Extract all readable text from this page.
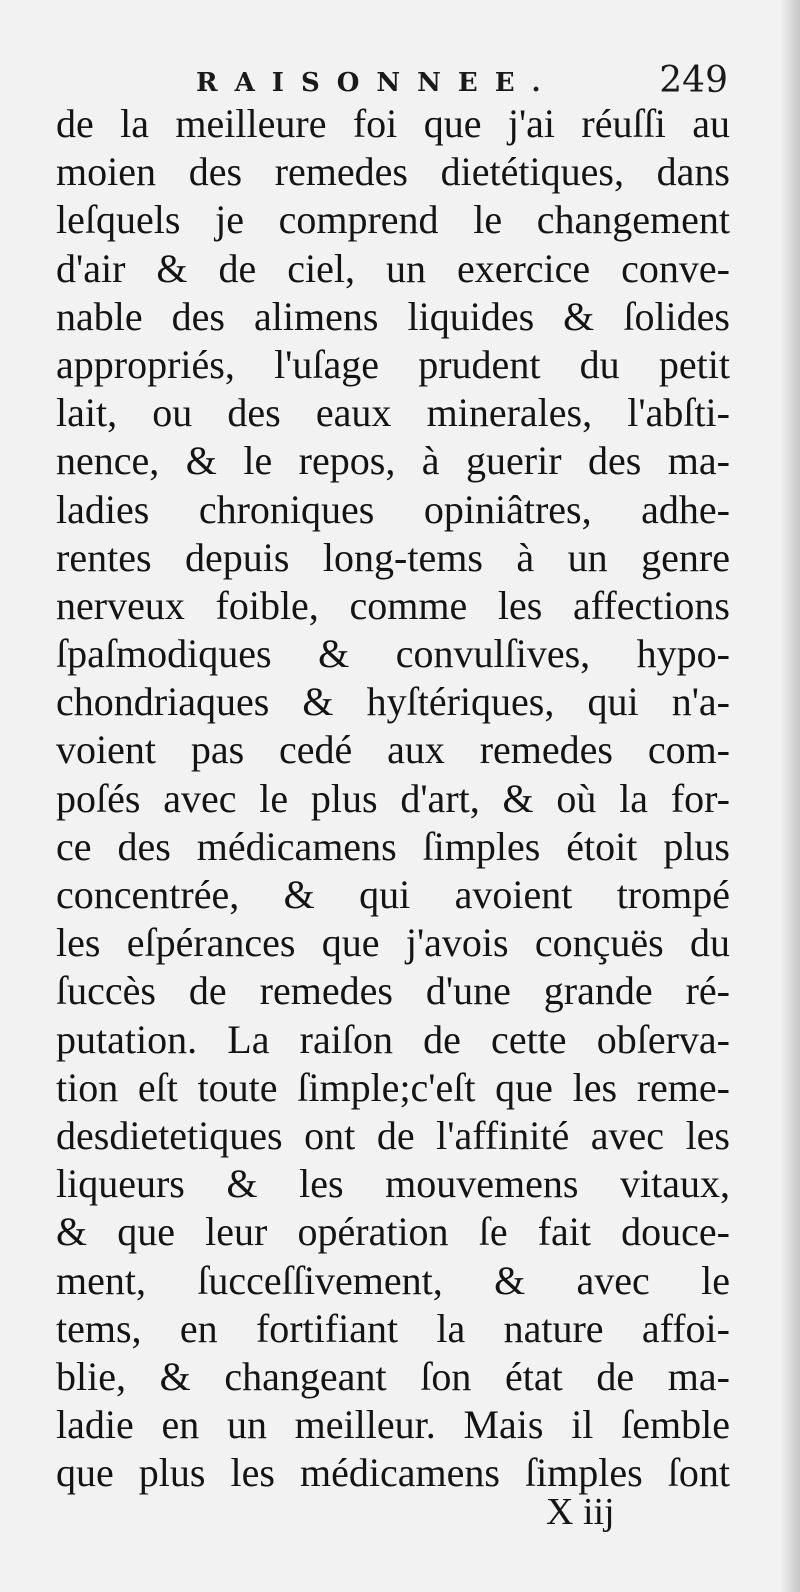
RAISONNEE.	249
de la meilleure foi que j'ai réuſſi au
moien des remedes dietétiques, dans
leſquels je comprend le changement
d'air & de ciel, un exercice conve-
nable des alimens liquides & ſolides
appropriés, l'uſage prudent du petit
lait, ou des eaux minerales, l'abſti-
nence, & le repos, à guerir des ma-
ladies chroniques opiniâtres, adhe-
rentes depuis long-tems à un genre
nerveux foible, comme les affections
ſpaſmodiques & convulſives, hypo-
chondriaques & hyſtériques, qui n'a-
voient pas cedé aux remedes com-
poſés avec le plus d'art, & où la for-
ce des médicamens ſimples étoit plus
concentrée, & qui avoient trompé
les eſpérances que j'avois conçuës du
ſuccès de remedes d'une grande ré-
putation. La raiſon de cette obſerva-
tion eſt toute ſimple;c'eſt que les reme-
desdietetiques ont de l'affinité avec les
liqueurs & les mouvemens vitaux,
& que leur opération ſe fait douce-
ment, ſucceſſivement, & avec le
tems, en fortifiant la nature affoi-
blie, & changeant ſon état de ma-
ladie en un meilleur. Mais il ſemble
que plus les médicamens ſimples ſont
X iij
